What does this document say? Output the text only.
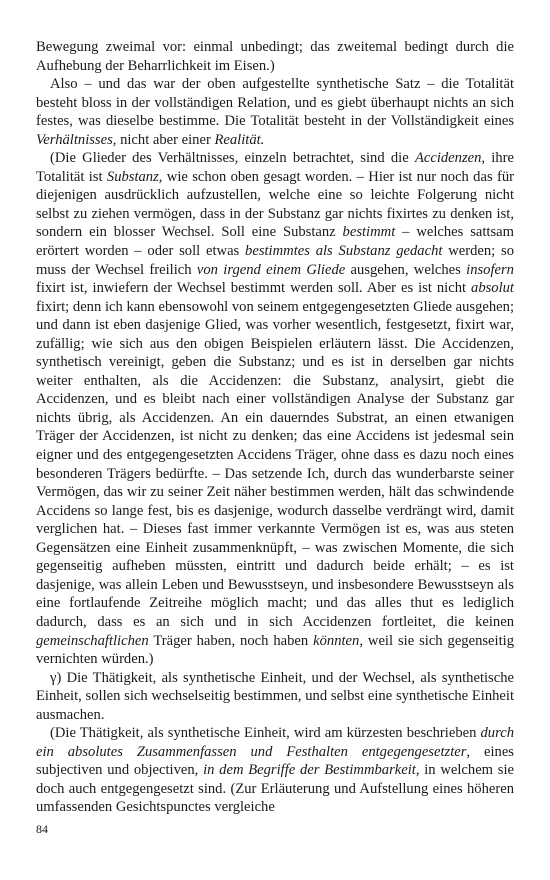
Bewegung zweimal vor: einmal unbedingt; das zweitemal bedingt durch die Aufhebung der Beharrlichkeit im Eisen.)

Also – und das war der oben aufgestellte synthetische Satz – die Totalität besteht bloss in der vollständigen Relation, und es giebt überhaupt nichts an sich festes, was dieselbe bestimme. Die Totalität besteht in der Vollständigkeit eines Verhältnisses, nicht aber einer Realität.

(Die Glieder des Verhältnisses, einzeln betrachtet, sind die Accidenzen, ihre Totalität ist Substanz, wie schon oben gesagt worden. – Hier ist nur noch das für diejenigen ausdrücklich aufzustellen, welche eine so leichte Folgerung nicht selbst zu ziehen vermögen, dass in der Substanz gar nichts fixirtes zu denken ist, sondern ein blosser Wechsel. Soll eine Substanz bestimmt – welches sattsam erörtert worden – oder soll etwas bestimmtes als Substanz gedacht werden; so muss der Wechsel freilich von irgend einem Gliede ausgehen, welches insofern fixirt ist, inwiefern der Wechsel bestimmt werden soll. Aber es ist nicht absolut fixirt; denn ich kann ebensowohl von seinem entgegengesetzten Gliede ausgehen; und dann ist eben dasjenige Glied, was vorher wesentlich, festgesetzt, fixirt war, zufällig; wie sich aus den obigen Beispielen erläutern lässt. Die Accidenzen, synthetisch vereinigt, geben die Substanz; und es ist in derselben gar nichts weiter enthalten, als die Accidenzen: die Substanz, analysirt, giebt die Accidenzen, und es bleibt nach einer vollständigen Analyse der Substanz gar nichts übrig, als Accidenzen. An ein dauerndes Substrat, an einen etwanigen Träger der Accidenzen, ist nicht zu denken; das eine Accidens ist jedesmal sein eigner und des entgegengesetzten Accidens Träger, ohne dass es dazu noch eines besonderen Trägers bedürfte. – Das setzende Ich, durch das wunderbarste seiner Vermögen, das wir zu seiner Zeit näher bestimmen werden, hält das schwindende Accidens so lange fest, bis es dasjenige, wodurch dasselbe verdrängt wird, damit verglichen hat. – Dieses fast immer verkannte Vermögen ist es, was aus steten Gegensätzen eine Einheit zusammenknüpft, – was zwischen Momente, die sich gegenseitig aufheben müssten, eintritt und dadurch beide erhält; – es ist dasjenige, was allein Leben und Bewusstseyn, und insbesondere Bewusstseyn als eine fortlaufende Zeitreihe möglich macht; und das alles thut es lediglich dadurch, dass es an sich und in sich Accidenzen fortleitet, die keinen gemeinschaftlichen Träger haben, noch haben könnten, weil sie sich gegenseitig vernichten würden.)

γ) Die Thätigkeit, als synthetische Einheit, und der Wechsel, als synthetische Einheit, sollen sich wechselseitig bestimmen, und selbst eine synthetische Einheit ausmachen.

(Die Thätigkeit, als synthetische Einheit, wird am kürzesten beschrieben durch ein absolutes Zusammenfassen und Festhalten entgegengesetzter, eines subjectiven und objectiven, in dem Begriffe der Bestimmbarkeit, in welchem sie doch auch entgegengesetzt sind. (Zur Erläuterung und Aufstellung eines höheren umfassenden Gesichtspunctes vergleiche

84
